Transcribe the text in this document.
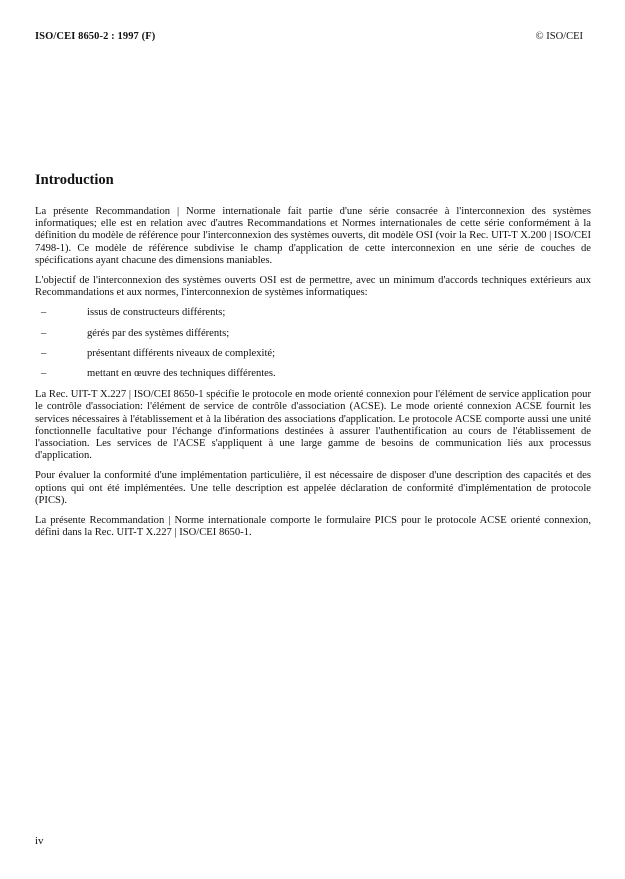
ISO/CEI 8650-2 : 1997 (F)	© ISO/CEI
Introduction

La présente Recommandation | Norme internationale fait partie d'une série consacrée à l'interconnexion des systèmes informatiques; elle est en relation avec d'autres Recommandations et Normes internationales de cette série conformément à la définition du modèle de référence pour l'interconnexion des systèmes ouverts, dit modèle OSI (voir la Rec. UIT-T X.200 | ISO/CEI 7498-1). Ce modèle de référence subdivise le champ d'application de cette interconnexion en une série de couches de spécifications ayant chacune des dimensions maniables.

L'objectif de l'interconnexion des systèmes ouverts OSI est de permettre, avec un minimum d'accords techniques extérieurs aux Recommandations et aux normes, l'interconnexion de systèmes informatiques:

–	issus de constructeurs différents;
–	gérés par des systèmes différents;
–	présentant différents niveaux de complexité;
–	mettant en œuvre des techniques différentes.

La Rec. UIT-T X.227 | ISO/CEI 8650-1 spécifie le protocole en mode orienté connexion pour l'élément de service application pour le contrôle d'association: l'élément de service de contrôle d'association (ACSE). Le mode orienté connexion ACSE fournit les services nécessaires à l'établissement et à la libération des associations d'application. Le protocole ACSE comporte aussi une unité fonctionnelle facultative pour l'échange d'informations destinées à assurer l'authentification au cours de l'établissement de l'association. Les services de l'ACSE s'appliquent à une large gamme de besoins de communication liés aux processus d'application.

Pour évaluer la conformité d'une implémentation particulière, il est nécessaire de disposer d'une description des capacités et des options qui ont été implémentées. Une telle description est appelée déclaration de conformité d'implémentation de protocole (PICS).

La présente Recommandation | Norme internationale comporte le formulaire PICS pour le protocole ACSE orienté connexion, défini dans la Rec. UIT-T X.227 | ISO/CEI 8650-1.

iv
